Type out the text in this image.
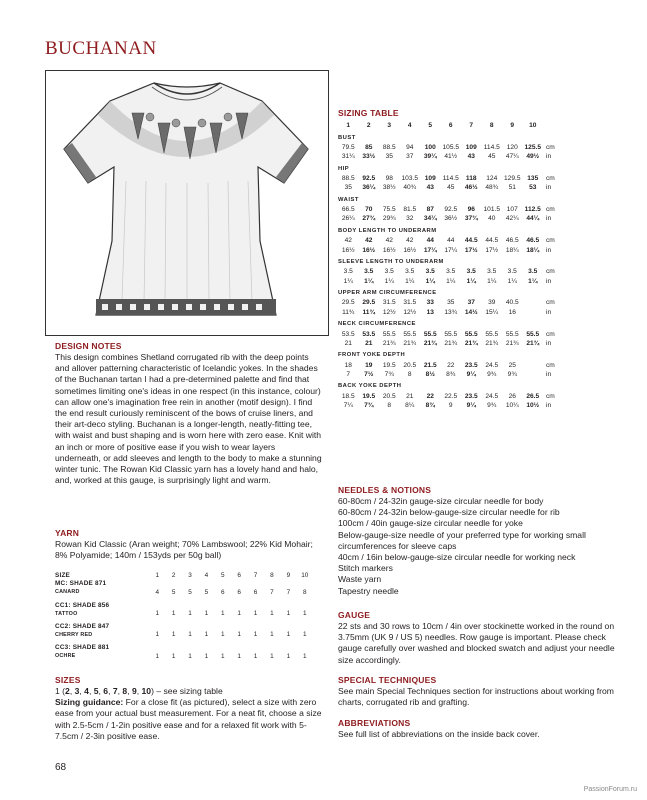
BUCHANAN
DESIGN NOTES
This design combines Shetland corrugated rib with the deep points and allover patterning characteristic of Icelandic yokes. In the shades of the Buchanan tartan I had a pre-determined palette and find that sometimes limiting one's ideas in one respect (in this instance, colour) can allow one's imagination free rein in another (motif design). I find the end result curiously reminiscent of the bows of cruise liners, and their art-deco styling. Buchanan is a longer-length, neatly-fitting tee, with waist and bust shaping and is worn here with zero ease. Knit with an inch or more of positive ease if you wish to wear layers underneath, or add sleeves and length to the body to make a stunning winter tunic. The Rowan Kid Classic yarn has a lovely hand and halo, and, worked at this gauge, is surprisingly light and warm.
YARN
Rowan Kid Classic (Aran weight; 70% Lambswool; 22% Kid Mohair; 8% Polyamide; 140m / 153yds per 50g ball)
SIZE	1	2	3	4	5	6	7	8	9	10
MC: SHADE 871										
CANARD	4	5	5	5	6	6	6	7	7	8

CC1: SHADE 856										
TATTOO	1	1	1	1	1	1	1	1	1	1

CC2: SHADE 847										
CHERRY RED	1	1	1	1	1	1	1	1	1	1

CC3: SHADE 881										
OCHRE	1	1	1	1	1	1	1	1	1	1

SIZES
1 (2, 3, 4, 5, 6, 7, 8, 9, 10) – see sizing table
Sizing guidance: For a close fit (as pictured), select a size with zero ease from your actual bust measurement. For a neat fit, choose a size with 2.5-5cm / 1-2in positive ease and for a relaxed fit work with 5-7.5cm / 2-3in positive ease.
68
PassionForum.ru
SIZING TABLE
1	2	3	4	5	6	7	8	9	10	
BUST										
79.5	85	88.5	94	100	105.5	109	114.5	120	125.5	cm
31¼	33½	35	37	39¼	41½	43	45	47¼	49½	in
HIP										
88.5	92.5	98	103.5	109	114.5	118	124	129.5	135	cm
35	36¼	38½	40¾	43	45	46½	48¾	51	53	in
WAIST										
66.5	70	75.5	81.5	87	92.5	96	101.5	107	112.5	cm
26¼	27¾	29¾	32	34¼	36½	37¾	40	42¼	44¼	in
BODY LENGTH TO UNDERARM										
42	42	42	42	44	44	44.5	44.5	46.5	46.5	cm
16½	16½	16½	16½	17¼	17¼	17½	17½	18¼	18¼	in
SLEEVE LENGTH TO UNDERARM										
3.5	3.5	3.5	3.5	3.5	3.5	3.5	3.5	3.5	3.5	cm
1¼	1¼	1¼	1¼	1¼	1¼	1¼	1¼	1¼	1¼	in
UPPER ARM CIRCUMFERENCE										
29.5	29.5	31.5	31.5	33	35	37	39	40.5		cm
11¾	11¾	12½	12½	13	13¾	14½	15¼	16		in
NECK CIRCUMFERENCE										
53.5	53.5	55.5	55.5	55.5	55.5	55.5	55.5	55.5	55.5	cm
21	21	21¾	21¾	21¾	21¾	21¾	21¾	21¾	21¾	in
FRONT YOKE DEPTH										
18	19	19.5	20.5	21.5	22	23.5	24.5	25		cm
7	7½	7¾	8	8½	8¾	9¼	9¾	9¾		in
BACK YOKE DEPTH										
18.5	19.5	20.5	21	22	22.5	23.5	24.5	26	26.5	cm
7¼	7¾	8	8¼	8¾	9	9¼	9¾	10¼	10½	in
NEEDLES & NOTIONS
60-80cm / 24-32in gauge-size circular needle for body
60-80cm / 24-32in below-gauge-size circular needle for rib
100cm / 40in gauge-size circular needle for yoke
Below-gauge-size needle of your preferred type for working small circumferences for sleeve caps
40cm / 16in below-gauge-size circular needle for working neck
Stitch markers
Waste yarn
Tapestry needle
GAUGE
22 sts and 30 rows to 10cm / 4in over stockinette worked in the round on 3.75mm (UK 9 / US 5) needles. Row gauge is important. Please check gauge carefully over washed and blocked swatch and adjust your needle size accordingly.
SPECIAL TECHNIQUES
See main Special Techniques section for instructions about working from charts, corrugated rib and grafting.
ABBREVIATIONS
See full list of abbreviations on the inside back cover.
